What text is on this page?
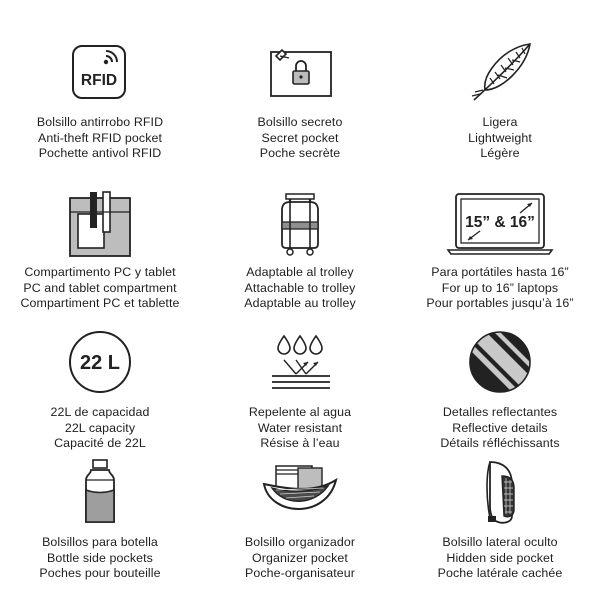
RFID
Bolsillo antirrobo RFID
Anti-theft RFID pocket
Pochette antivol RFID
Bolsillo secreto
Secret pocket
Poche secrète
Ligera
Lightweight
Légère
Compartimento PC y tablet
PC and tablet compartment
Compartiment PC et tablette
Adaptable al trolley
Attachable to trolley
Adaptable au trolley
15” & 16”
Para portátiles hasta 16”
For up to 16” laptops
Pour portables jusqu’à 16”
22 L
22L de capacidad
22L capacity
Capacité de 22L
Repelente al agua
Water resistant
Résise à l’eau
Detalles reflectantes
Reflective details
Détails réfléchissants
Bolsillos para botella
Bottle side pockets
Poches pour bouteille
Bolsillo organizador
Organizer pocket
Poche-organisateur
Bolsillo lateral oculto
Hidden side pocket
Poche latérale cachée
